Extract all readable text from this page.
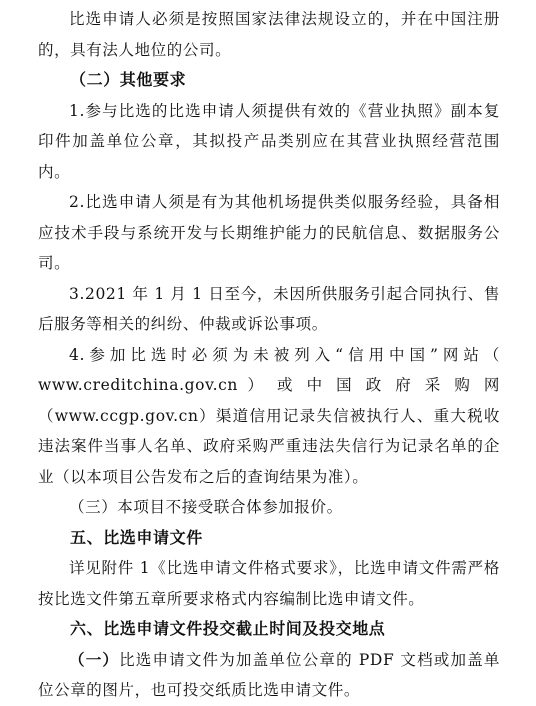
比选申请人必须是按照国家法律法规设立的，并在中国注册的，具有法人地位的公司。

（二）其他要求

1.参与比选的比选申请人须提供有效的《营业执照》副本复印件加盖单位公章，其拟投产品类别应在其营业执照经营范围内。

2.比选申请人须是有为其他机场提供类似服务经验，具备相应技术手段与系统开发与长期维护能力的民航信息、数据服务公司。

3.2021 年 1 月 1 日至今，未因所供服务引起合同执行、售后服务等相关的纠纷、仲裁或诉讼事项。

4.参加比选时必须为未被列入“信用中国”网站（ www.creditchina.gov.cn ） 或 中 国 政 府 采 购 网（www.ccgp.gov.cn）渠道信用记录失信被执行人、重大税收违法案件当事人名单、政府采购严重违法失信行为记录名单的企业（以本项目公告发布之后的查询结果为准）。

（三）本项目不接受联合体参加报价。

五、比选申请文件

详见附件 1《比选申请文件格式要求》，比选申请文件需严格按比选文件第五章所要求格式内容编制比选申请文件。

六、比选申请文件投交截止时间及投交地点

（一）比选申请文件为加盖单位公章的 PDF 文档或加盖单位公章的图片，也可投交纸质比选申请文件。
